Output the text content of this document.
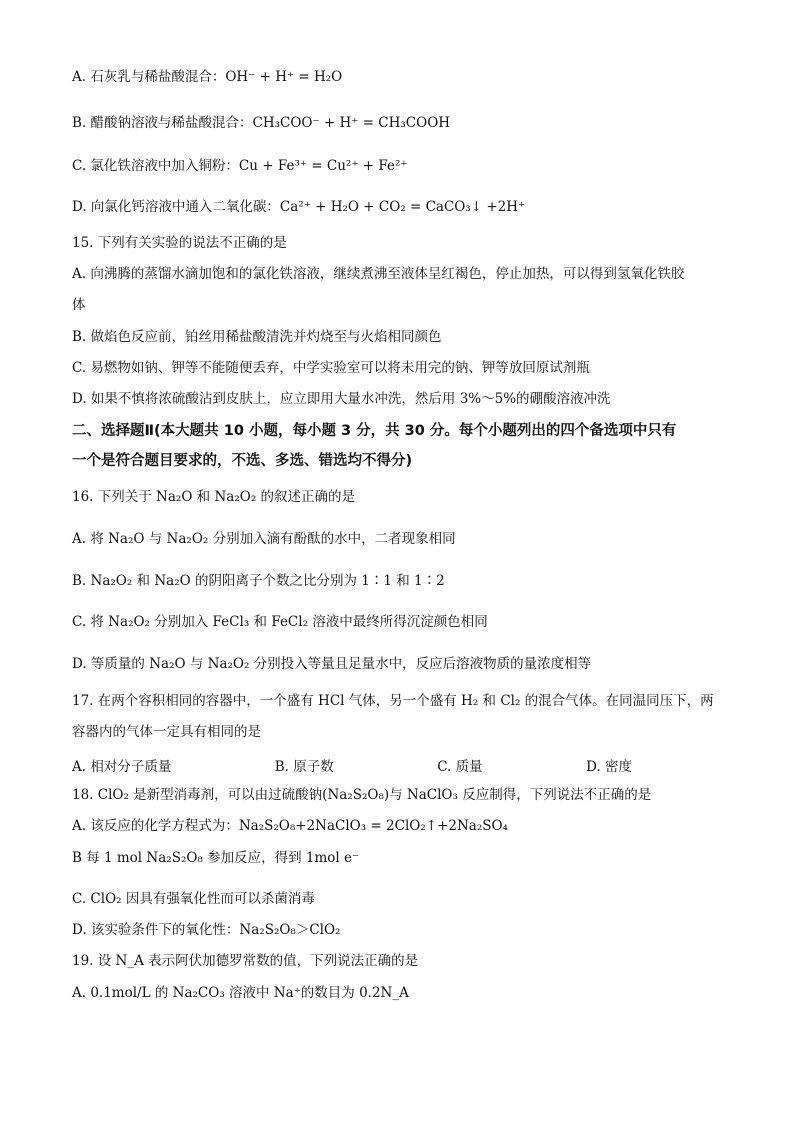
A. 石灰乳与稀盐酸混合：OH⁻ + H⁺ = H₂O
B. 醋酸钠溶液与稀盐酸混合：CH₃COO⁻ + H⁺ = CH₃COOH
C. 氯化铁溶液中加入铜粉：Cu + Fe³⁺ = Cu²⁺ + Fe²⁺
D. 向氯化钙溶液中通入二氧化碳：Ca²⁺ + H₂O + CO₂ = CaCO₃↓ +2H⁺
15. 下列有关实验的说法不正确的是
A. 向沸腾的蒸馏水滴加饱和的氯化铁溶液，继续煮沸至液体呈红褐色，停止加热，可以得到氢氧化铁胶
体
B. 做焰色反应前，铂丝用稀盐酸清洗并灼烧至与火焰相同颜色
C. 易燃物如钠、钾等不能随便丢弃，中学实验室可以将未用完的钠、钾等放回原试剂瓶
D. 如果不慎将浓硫酸沾到皮肤上，应立即用大量水冲洗，然后用 3%～5%的硼酸溶液冲洗
二、选择题Ⅱ(本大题共 10 小题，每小题 3 分，共 30 分。每个小题列出的四个备选项中只有
一个是符合题目要求的，不选、多选、错选均不得分)
16. 下列关于 Na₂O 和 Na₂O₂ 的叙述正确的是
A. 将 Na₂O 与 Na₂O₂ 分别加入滴有酚酞的水中，二者现象相同
B. Na₂O₂ 和 Na₂O 的阴阳离子个数之比分别为 1∶1 和 1∶2
C. 将 Na₂O₂ 分别加入 FeCl₃ 和 FeCl₂ 溶液中最终所得沉淀颜色相同
D. 等质量的 Na₂O 与 Na₂O₂ 分别投入等量且足量水中，反应后溶液物质的量浓度相等
17. 在两个容积相同的容器中，一个盛有 HCl 气体，另一个盛有 H₂ 和 Cl₂ 的混合气体。在同温同压下，两
容器内的气体一定具有相同的是
A. 相对分子质量	B. 原子数	C. 质量	D. 密度
18. ClO₂ 是新型消毒剂，可以由过硫酸钠(Na₂S₂O₈)与 NaClO₃ 反应制得，下列说法不正确的是
A. 该反应的化学方程式为：Na₂S₂O₈+2NaClO₃ = 2ClO₂↑+2Na₂SO₄
B 每 1 mol Na₂S₂O₈ 参加反应，得到 1mol e⁻
C. ClO₂ 因具有强氧化性而可以杀菌消毒
D. 该实验条件下的氧化性：Na₂S₂O₈＞ClO₂
19. 设 N_A 表示阿伏加德罗常数的值，下列说法正确的是
A. 0.1mol/L 的 Na₂CO₃ 溶液中 Na⁺的数目为 0.2N_A
